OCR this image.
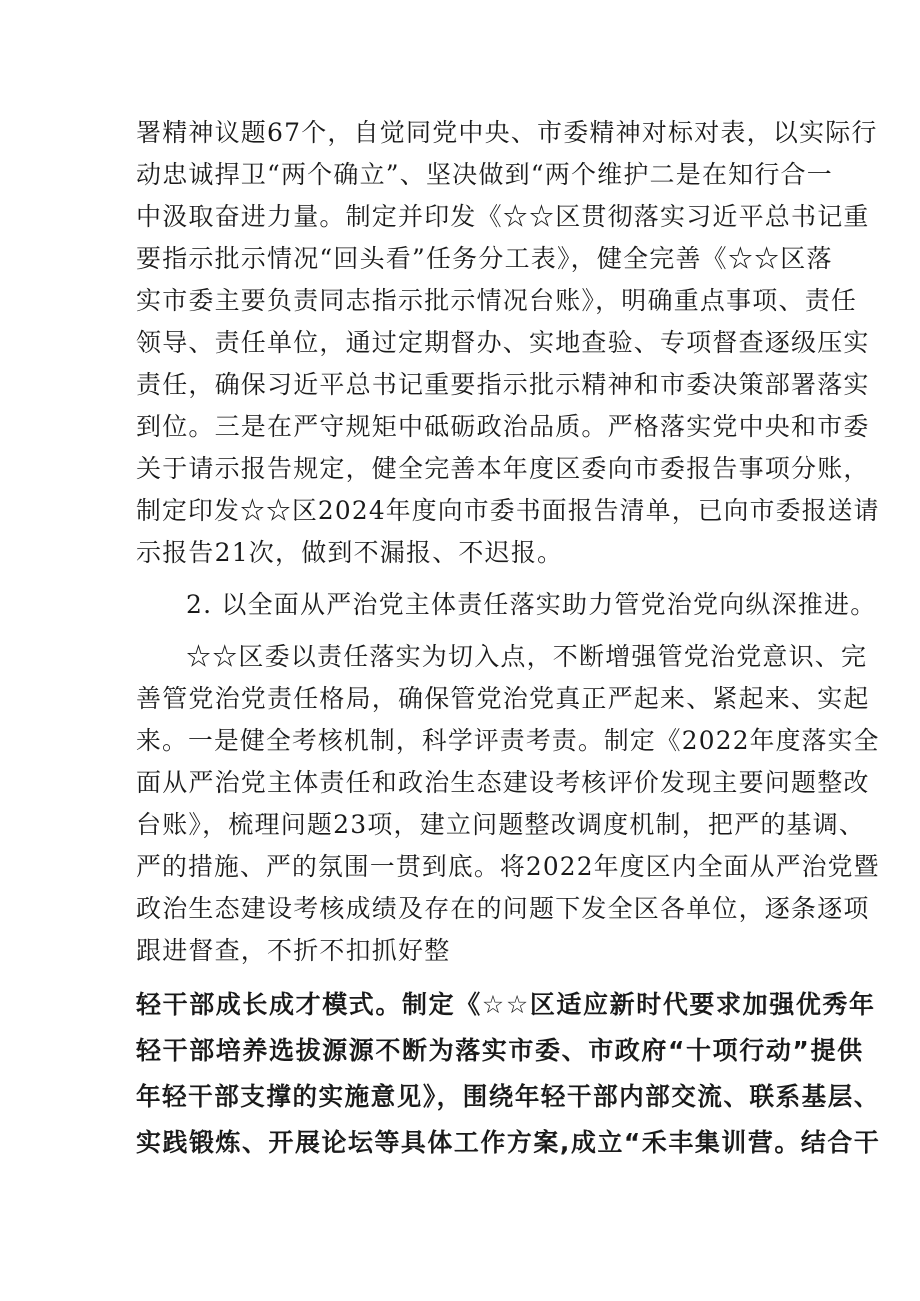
署精神议题67个，自觉同党中央、市委精神对标对表，以实际行
动忠诚捍卫“两个确立”、坚决做到“两个维护二是在知行合一
中汲取奋进力量。制定并印发《☆☆区贯彻落实习近平总书记重
要指示批示情况“回头看”任务分工表》，健全完善《☆☆区落
实市委主要负责同志指示批示情况台账》，明确重点事项、责任
领导、责任单位，通过定期督办、实地查验、专项督查逐级压实
责任，确保习近平总书记重要指示批示精神和市委决策部署落实
到位。三是在严守规矩中砥砺政治品质。严格落实党中央和市委
关于请示报告规定，健全完善本年度区委向市委报告事项分账，
制定印发☆☆区2024年度向市委书面报告清单，已向市委报送请
示报告21次，做到不漏报、不迟报。
2. 以全面从严治党主体责任落实助力管党治党向纵深推进。
☆☆区委以责任落实为切入点，不断增强管党治党意识、完
善管党治党责任格局，确保管党治党真正严起来、紧起来、实起
来。一是健全考核机制，科学评责考责。制定《2022年度落实全
面从严治党主体责任和政治生态建设考核评价发现主要问题整改
台账》，梳理问题23项，建立问题整改调度机制，把严的基调、
严的措施、严的氛围一贯到底。将2022年度区内全面从严治党暨
政治生态建设考核成绩及存在的问题下发全区各单位，逐条逐项
跟进督查，不折不扣抓好整
轻干部成长成才模式。制定《☆☆区适应新时代要求加强优秀年
轻干部培养选拔源源不断为落实市委、市政府“十项行动”提供
年轻干部支撑的实施意见》，围绕年轻干部内部交流、联系基层、
实践锻炼、开展论坛等具体工作方案,成立“禾丰集训营。结合干
